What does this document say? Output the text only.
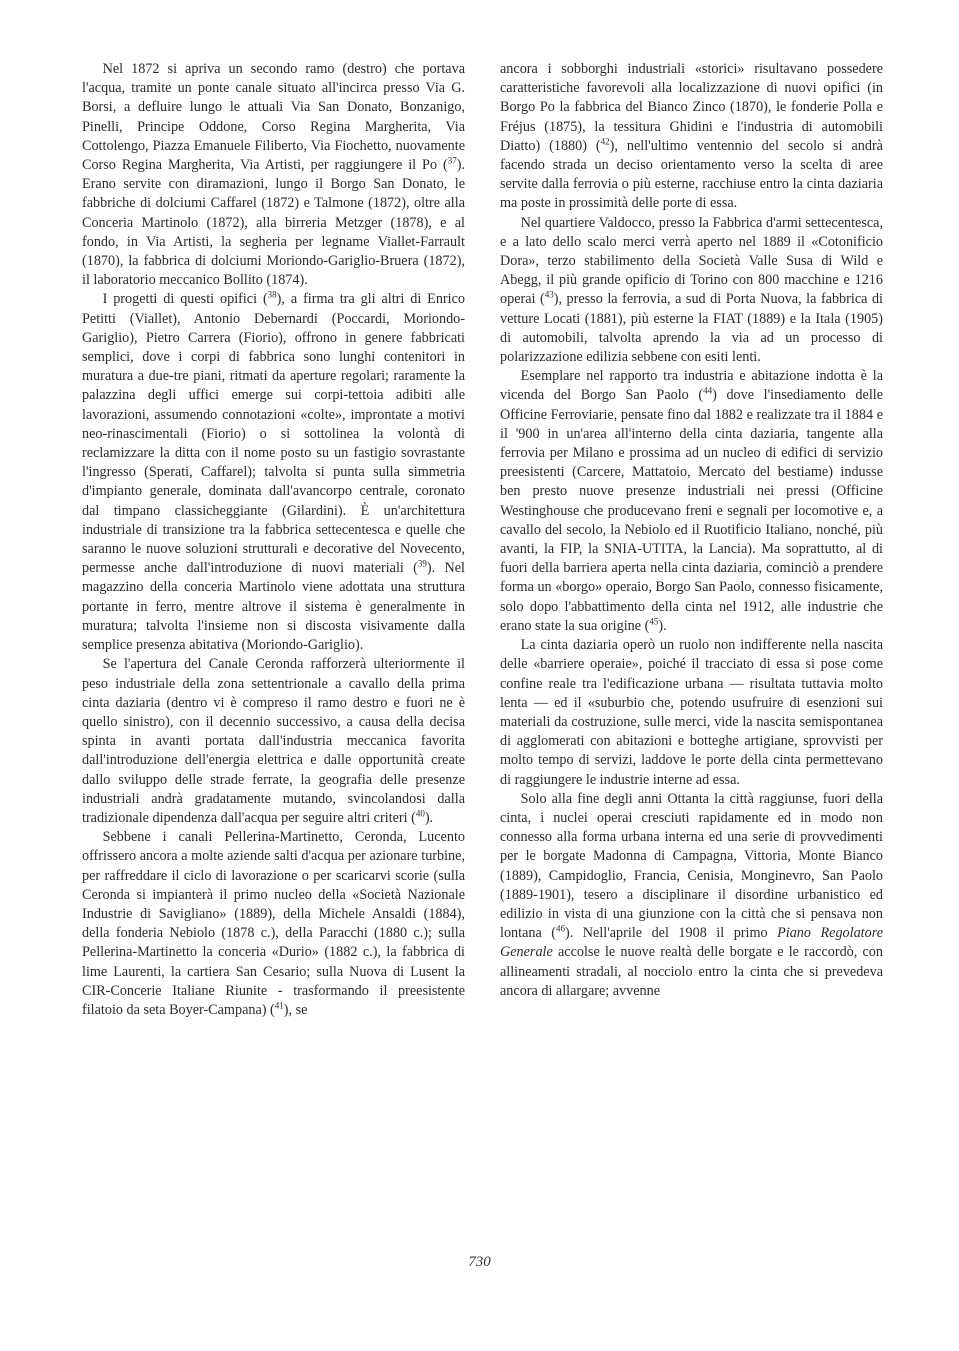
Nel 1872 si apriva un secondo ramo (destro) che portava l'acqua, tramite un ponte canale situato all'incirca presso Via G. Borsi, a defluire lungo le attuali Via San Donato, Bonzanigo, Pinelli, Principe Oddone, Corso Regina Margherita, Via Cottolengo, Piazza Emanuele Filiberto, Via Fiochetto, nuovamente Corso Regina Margherita, Via Artisti, per raggiungere il Po ($^{37}$). Erano servite con diramazioni, lungo il Borgo San Donato, le fabbriche di dolciumi Caffarel (1872) e Talmone (1872), oltre alla Conceria Martinolo (1872), alla birreria Metzger (1878), e al fondo, in Via Artisti, la segheria per legname Viallet-Farrault (1870), la fabbrica di dolciumi Moriondo-Gariglio-Bruera (1872), il laboratorio meccanico Bollito (1874).

I progetti di questi opifici ($^{38}$), a firma tra gli altri di Enrico Petitti (Viallet), Antonio Debernardi (Poccardi, Moriondo-Gariglio), Pietro Carrera (Fiorio), offrono in genere fabbricati semplici, dove i corpi di fabbrica sono lunghi contenitori in muratura a due-tre piani, ritmati da aperture regolari; raramente la palazzina degli uffici emerge sui corpi-tettoia adibiti alle lavorazioni, assumendo connotazioni «colte», improntate a motivi neo-rinascimentali (Fiorio) o si sottolinea la volontà di reclamizzare la ditta con il nome posto su un fastigio sovrastante l'ingresso (Sperati, Caffarel); talvolta si punta sulla simmetria d'impianto generale, dominata dall'avancorpo centrale, coronato dal timpano classicheggiante (Gilardini). È un'architettura industriale di transizione tra la fabbrica settecentesca e quelle che saranno le nuove soluzioni strutturali e decorative del Novecento, permesse anche dall'introduzione di nuovi materiali ($^{39}$). Nel magazzino della conceria Martinolo viene adottata una struttura portante in ferro, mentre altrove il sistema è generalmente in muratura; talvolta l'insieme non si discosta visivamente dalla semplice presenza abitativa (Moriondo-Gariglio).

Se l'apertura del Canale Ceronda rafforzerà ulteriormente il peso industriale della zona settentrionale a cavallo della prima cinta daziaria (dentro vi è compreso il ramo destro e fuori ne è quello sinistro), con il decennio successivo, a causa della decisa spinta in avanti portata dall'industria meccanica favorita dall'introduzione dell'energia elettrica e dalle opportunità create dallo sviluppo delle strade ferrate, la geografia delle presenze industriali andrà gradatamente mutando, svincolandosi dalla tradizionale dipendenza dall'acqua per seguire altri criteri ($^{40}$).

Sebbene i canali Pellerina-Martinetto, Ceronda, Lucento offrissero ancora a molte aziende salti d'acqua per azionare turbine, per raffreddare il ciclo di lavorazione o per scaricarvi scorie (sulla Ceronda si impianterà il primo nucleo della «Società Nazionale Industrie di Savigliano» (1889), della Michele Ansaldi (1884), della fonderia Nebiolo (1878 c.), della Paracchi (1880 c.); sulla Pellerina-Martinetto la conceria «Durio» (1882 c.), la fabbrica di lime Laurenti, la cartiera San Cesario; sulla Nuova di Lusent la CIR-Concerie Italiane Riunite - trasformando il preesistente filatoio da seta Boyer-Campana) ($^{41}$), se

ancora i sobborghi industriali «storici» risultavano possedere caratteristiche favorevoli alla localizzazione di nuovi opifici (in Borgo Po la fabbrica del Bianco Zinco (1870), le fonderie Polla e Fréjus (1875), la tessitura Ghidini e l'industria di automobili Diatto) (1880) ($^{42}$), nell'ultimo ventennio del secolo si andrà facendo strada un deciso orientamento verso la scelta di aree servite dalla ferrovia o più esterne, racchiuse entro la cinta daziaria ma poste in prossimità delle porte di essa.

Nel quartiere Valdocco, presso la Fabbrica d'armi settecentesca, e a lato dello scalo merci verrà aperto nel 1889 il «Cotonificio Dora», terzo stabilimento della Società Valle Susa di Wild e Abegg, il più grande opificio di Torino con 800 macchine e 1216 operai ($^{43}$), presso la ferrovia, a sud di Porta Nuova, la fabbrica di vetture Locati (1881), più esterne la FIAT (1889) e la Itala (1905) di automobili, talvolta aprendo la via ad un processo di polarizzazione edilizia sebbene con esiti lenti.

Esemplare nel rapporto tra industria e abitazione indotta è la vicenda del Borgo San Paolo ($^{44}$) dove l'insediamento delle Officine Ferroviarie, pensate fino dal 1882 e realizzate tra il 1884 e il '900 in un'area all'interno della cinta daziaria, tangente alla ferrovia per Milano e prossima ad un nucleo di edifici di servizio preesistenti (Carcere, Mattatoio, Mercato del bestiame) indusse ben presto nuove presenze industriali nei pressi (Officine Westinghouse che producevano freni e segnali per locomotive e, a cavallo del secolo, la Nebiolo ed il Ruotificio Italiano, nonché, più avanti, la FIP, la SNIA-UTITA, la Lancia). Ma soprattutto, al di fuori della barriera aperta nella cinta daziaria, cominciò a prendere forma un «borgo» operaio, Borgo San Paolo, connesso fisicamente, solo dopo l'abbattimento della cinta nel 1912, alle industrie che erano state la sua origine ($^{45}$).

La cinta daziaria operò un ruolo non indifferente nella nascita delle «barriere operaie», poiché il tracciato di essa si pose come confine reale tra l'edificazione urbana — risultata tuttavia molto lenta — ed il «suburbio che, potendo usufruire di esenzioni sui materiali da costruzione, sulle merci, vide la nascita semispontanea di agglomerati con abitazioni e botteghe artigiane, sprovvisti per molto tempo di servizi, laddove le porte della cinta permettevano di raggiungere le industrie interne ad essa.

Solo alla fine degli anni Ottanta la città raggiunse, fuori della cinta, i nuclei operai cresciuti rapidamente ed in modo non connesso alla forma urbana interna ed una serie di provvedimenti per le borgate Madonna di Campagna, Vittoria, Monte Bianco (1889), Campidoglio, Francia, Cenisia, Monginevro, San Paolo (1889-1901), tesero a disciplinare il disordine urbanistico ed edilizio in vista di una giunzione con la città che si pensava non lontana ($^{46}$). Nell'aprile del 1908 il primo Piano Regolatore Generale accolse le nuove realtà delle borgate e le raccordò, con allineamenti stradali, al nocciolo entro la cinta che si prevedeva ancora di allargare; avvenne

730
